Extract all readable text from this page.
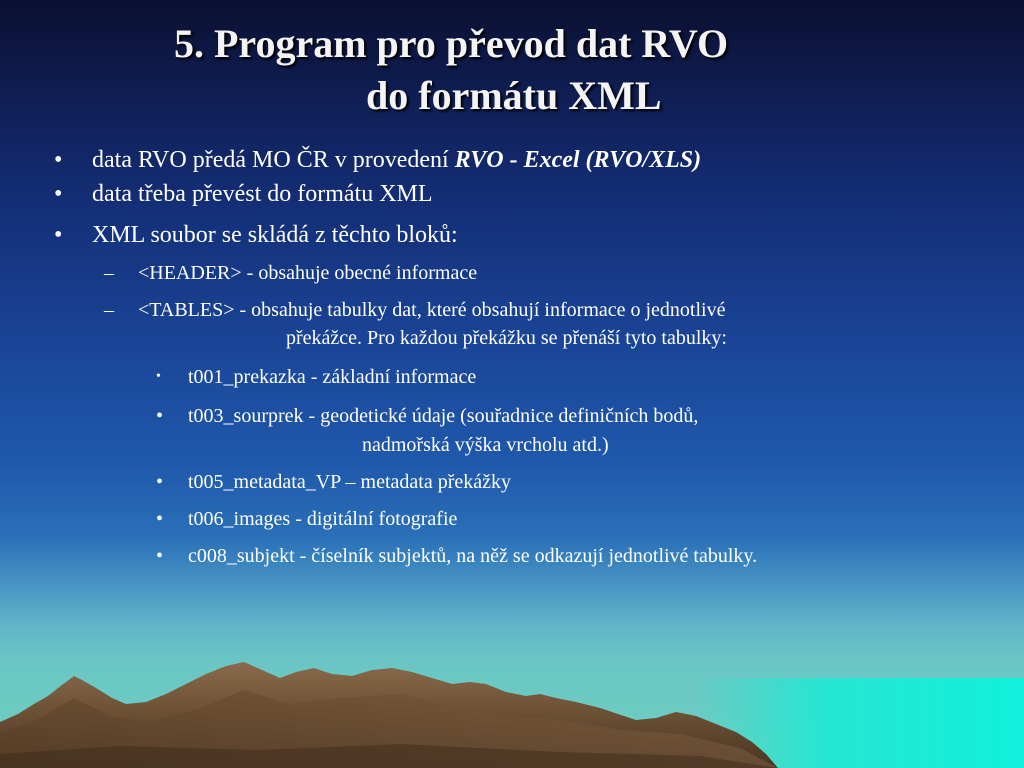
5. Program pro převod dat RVO
do formátu XML
• data RVO předá MO ČR v provedení RVO - Excel (RVO/XLS)
• data třeba převést do formátu XML
• XML soubor se skládá z těchto bloků:
– <HEADER> - obsahuje obecné informace
– <TABLES> - obsahuje tabulky dat, které obsahují informace o jednotlivé
překážce. Pro každou překážku se přenáší tyto tabulky:
• t001_prekazka - základní informace
• t003_sourprek - geodetické údaje (souřadnice definičních bodů,
nadmořská výška vrcholu atd.)
• t005_metadata_VP – metadata překážky
• t006_images - digitální fotografie
• c008_subjekt - číselník subjektů, na něž se odkazují jednotlivé tabulky.
